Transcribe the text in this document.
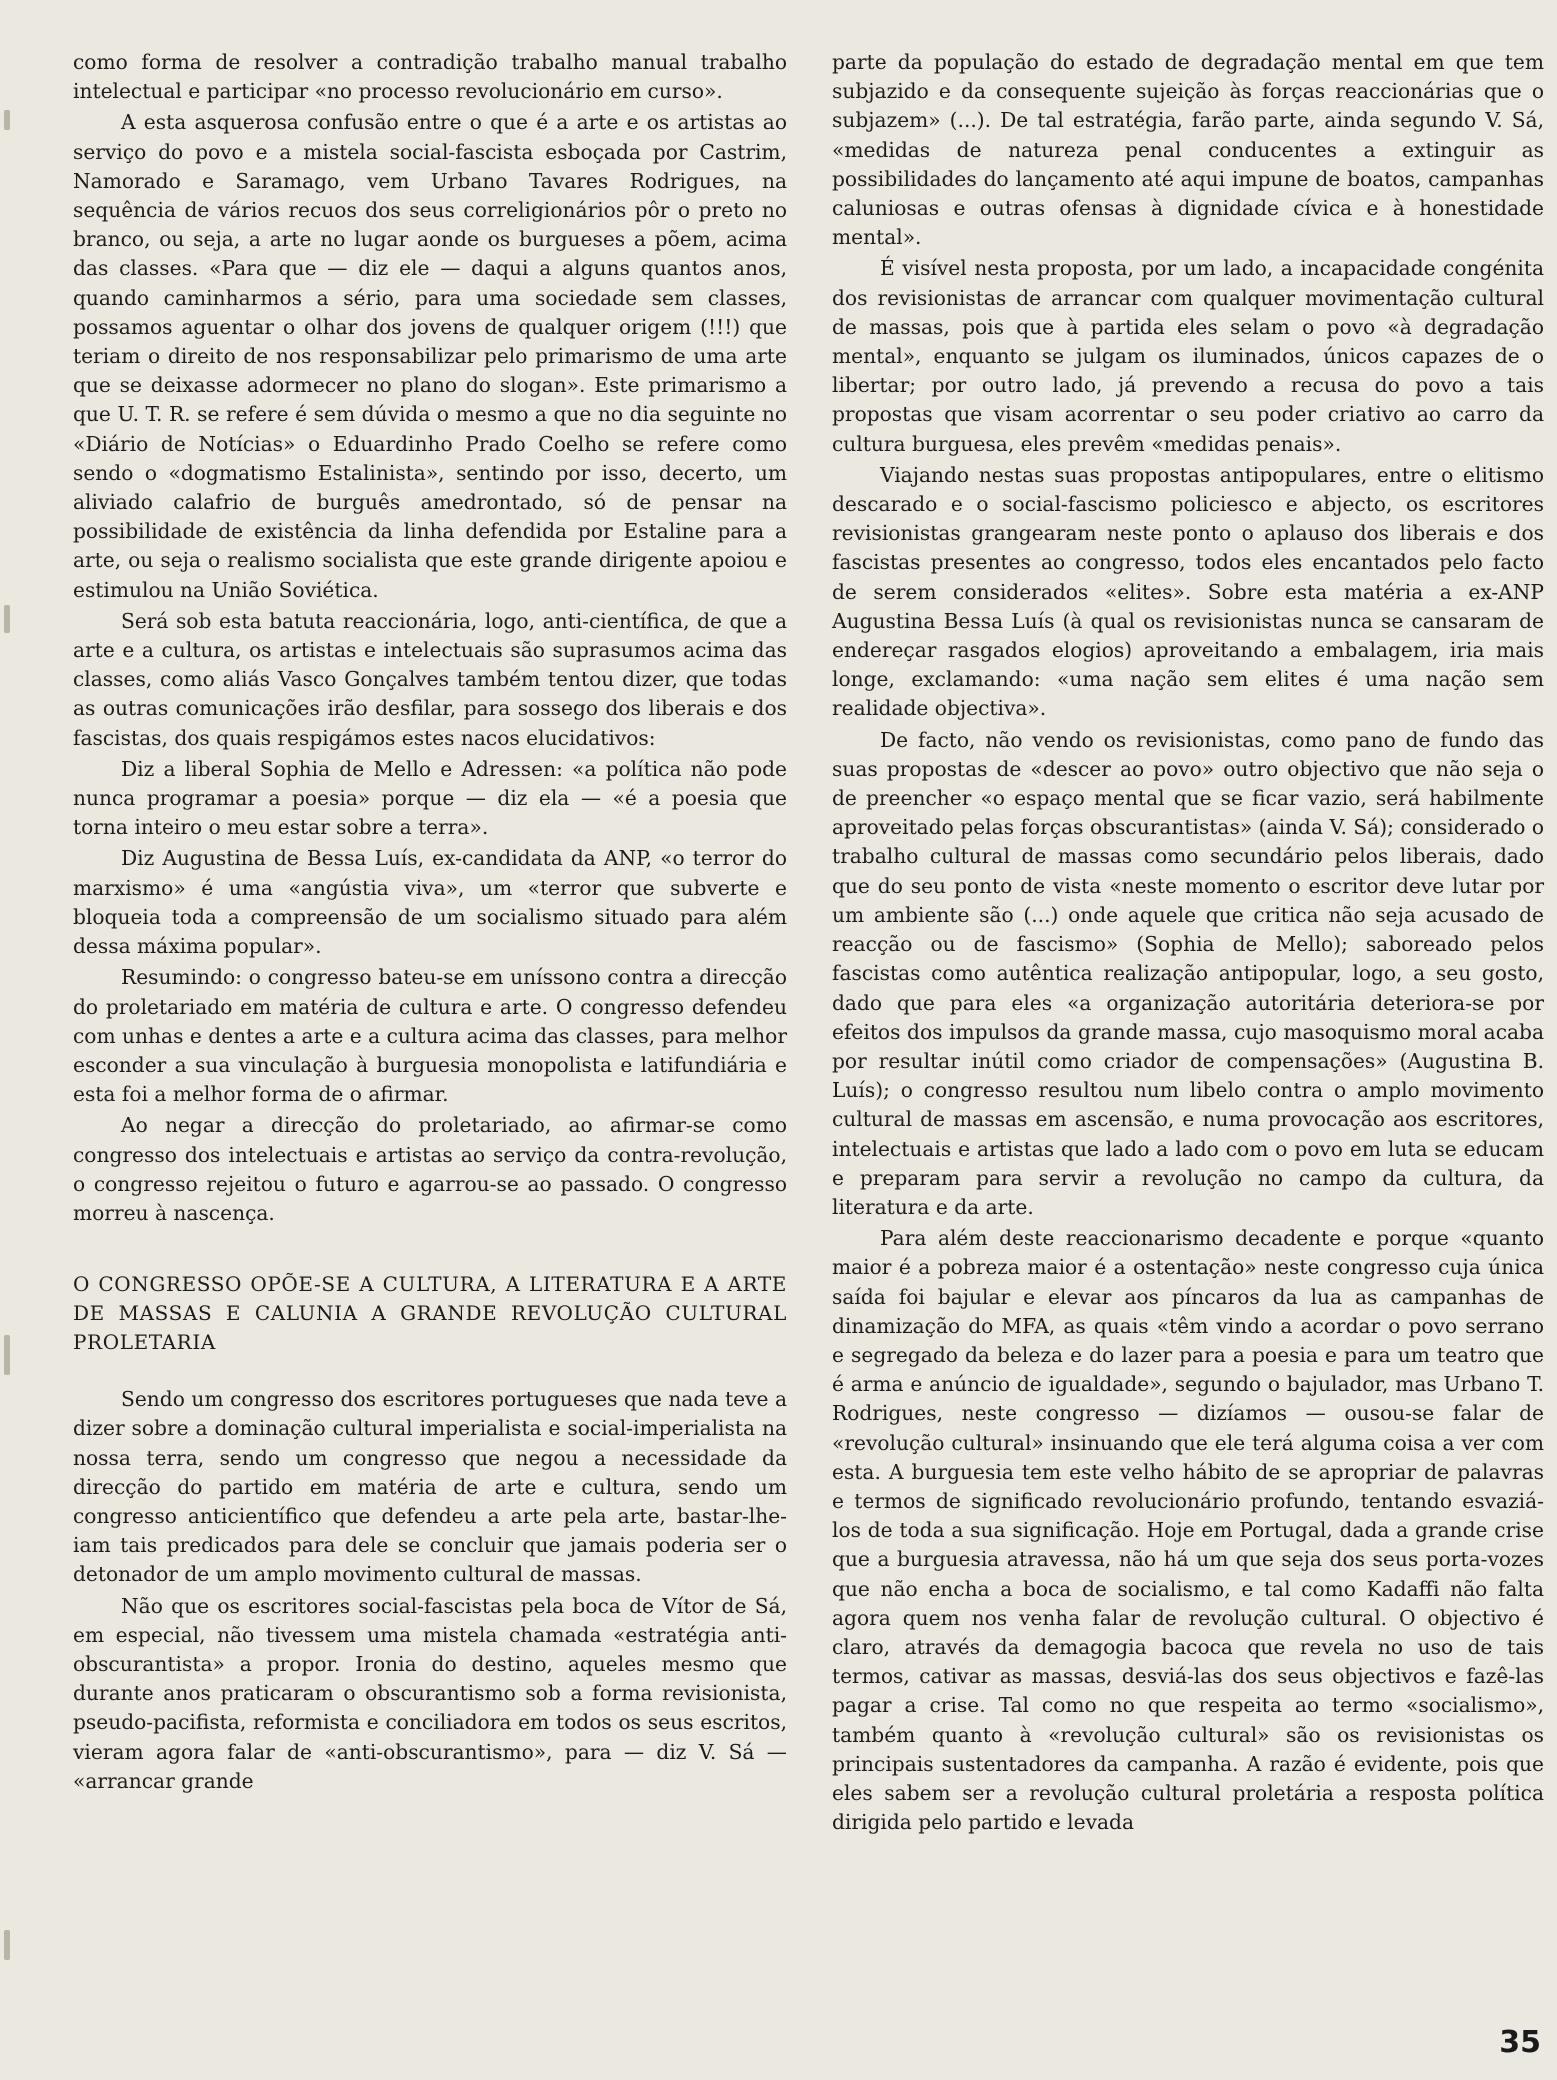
como forma de resolver a contradição trabalho manual trabalho intelectual e participar «no processo revolucionário em curso».

A esta asquerosa confusão entre o que é a arte e os artistas ao serviço do povo e a mistela social-fascista esboçada por Castrim, Namorado e Saramago, vem Urbano Tavares Rodrigues, na sequência de vários recuos dos seus correligionários pôr o preto no branco, ou seja, a arte no lugar aonde os burgueses a põem, acima das classes. «Para que — diz ele — daqui a alguns quantos anos, quando caminharmos a sério, para uma sociedade sem classes, possamos aguentar o olhar dos jovens de qualquer origem (!!!) que teriam o direito de nos responsabilizar pelo primarismo de uma arte que se deixasse adormecer no plano do slogan». Este primarismo a que U. T. R. se refere é sem dúvida o mesmo a que no dia seguinte no «Diário de Notícias» o Eduardinho Prado Coelho se refere como sendo o «dogmatismo Estalinista», sentindo por isso, decerto, um aliviado calafrio de burguês amedrontado, só de pensar na possibilidade de existência da linha defendida por Estaline para a arte, ou seja o realismo socialista que este grande dirigente apoiou e estimulou na União Soviética.

Será sob esta batuta reaccionária, logo, anti-científica, de que a arte e a cultura, os artistas e intelectuais são suprasumos acima das classes, como aliás Vasco Gonçalves também tentou dizer, que todas as outras comunicações irão desfilar, para sossego dos liberais e dos fascistas, dos quais respigámos estes nacos elucidativos:

Diz a liberal Sophia de Mello e Adressen: «a política não pode nunca programar a poesia» porque — diz ela — «é a poesia que torna inteiro o meu estar sobre a terra».

Diz Augustina de Bessa Luís, ex-candidata da ANP, «o terror do marxismo» é uma «angústia viva», um «terror que subverte e bloqueia toda a compreensão de um socialismo situado para além dessa máxima popular».

Resumindo: o congresso bateu-se em uníssono contra a direcção do proletariado em matéria de cultura e arte. O congresso defendeu com unhas e dentes a arte e a cultura acima das classes, para melhor esconder a sua vinculação à burguesia monopolista e latifundiária e esta foi a melhor forma de o afirmar.

Ao negar a direcção do proletariado, ao afirmar-se como congresso dos intelectuais e artistas ao serviço da contra-revolução, o congresso rejeitou o futuro e agarrou-se ao passado. O congresso morreu à nascença.

O CONGRESSO OPÕE-SE A CULTURA, A LITERATURA E A ARTE DE MASSAS E CALUNIA A GRANDE REVOLUÇÃO CULTURAL PROLETARIA

Sendo um congresso dos escritores portugueses que nada teve a dizer sobre a dominação cultural imperialista e social-imperialista na nossa terra, sendo um congresso que negou a necessidade da direcção do partido em matéria de arte e cultura, sendo um congresso anticientífico que defendeu a arte pela arte, bastar-lhe-iam tais predicados para dele se concluir que jamais poderia ser o detonador de um amplo movimento cultural de massas.

Não que os escritores social-fascistas pela boca de Vítor de Sá, em especial, não tivessem uma mistela chamada «estratégia anti-obscurantista» a propor. Ironia do destino, aqueles mesmo que durante anos praticaram o obscurantismo sob a forma revisionista, pseudo-pacifista, reformista e conciliadora em todos os seus escritos, vieram agora falar de «anti-obscurantismo», para — diz V. Sá — «arrancar grande

parte da população do estado de degradação mental em que tem subjazido e da consequente sujeição às forças reaccionárias que o subjazem» (...). De tal estratégia, farão parte, ainda segundo V. Sá, «medidas de natureza penal conducentes a extinguir as possibilidades do lançamento até aqui impune de boatos, campanhas caluniosas e outras ofensas à dignidade cívica e à honestidade mental».

É visível nesta proposta, por um lado, a incapacidade congénita dos revisionistas de arrancar com qualquer movimentação cultural de massas, pois que à partida eles selam o povo «à degradação mental», enquanto se julgam os iluminados, únicos capazes de o libertar; por outro lado, já prevendo a recusa do povo a tais propostas que visam acorrentar o seu poder criativo ao carro da cultura burguesa, eles prevêm «medidas penais».

Viajando nestas suas propostas antipopulares, entre o elitismo descarado e o social-fascismo policiesco e abjecto, os escritores revisionistas grangearam neste ponto o aplauso dos liberais e dos fascistas presentes ao congresso, todos eles encantados pelo facto de serem considerados «elites». Sobre esta matéria a ex-ANP Augustina Bessa Luís (à qual os revisionistas nunca se cansaram de endereçar rasgados elogios) aproveitando a embalagem, iria mais longe, exclamando: «uma nação sem elites é uma nação sem realidade objectiva».

De facto, não vendo os revisionistas, como pano de fundo das suas propostas de «descer ao povo» outro objectivo que não seja o de preencher «o espaço mental que se ficar vazio, será habilmente aproveitado pelas forças obscurantistas» (ainda V. Sá); considerado o trabalho cultural de massas como secundário pelos liberais, dado que do seu ponto de vista «neste momento o escritor deve lutar por um ambiente são (...) onde aquele que critica não seja acusado de reacção ou de fascismo» (Sophia de Mello); saboreado pelos fascistas como autêntica realização antipopular, logo, a seu gosto, dado que para eles «a organização autoritária deteriora-se por efeitos dos impulsos da grande massa, cujo masoquismo moral acaba por resultar inútil como criador de compensações» (Augustina B. Luís); o congresso resultou num libelo contra o amplo movimento cultural de massas em ascensão, e numa provocação aos escritores, intelectuais e artistas que lado a lado com o povo em luta se educam e preparam para servir a revolução no campo da cultura, da literatura e da arte.

Para além deste reaccionarismo decadente e porque «quanto maior é a pobreza maior é a ostentação» neste congresso cuja única saída foi bajular e elevar aos píncaros da lua as campanhas de dinamização do MFA, as quais «têm vindo a acordar o povo serrano e segregado da beleza e do lazer para a poesia e para um teatro que é arma e anúncio de igualdade», segundo o bajulador, mas Urbano T. Rodrigues, neste congresso — dizíamos — ousou-se falar de «revolução cultural» insinuando que ele terá alguma coisa a ver com esta. A burguesia tem este velho hábito de se apropriar de palavras e termos de significado revolucionário profundo, tentando esvaziá-los de toda a sua significação. Hoje em Portugal, dada a grande crise que a burguesia atravessa, não há um que seja dos seus porta-vozes que não encha a boca de socialismo, e tal como Kadaffi não falta agora quem nos venha falar de revolução cultural. O objectivo é claro, através da demagogia bacoca que revela no uso de tais termos, cativar as massas, desviá-las dos seus objectivos e fazê-las pagar a crise. Tal como no que respeita ao termo «socialismo», também quanto à «revolução cultural» são os revisionistas os principais sustentadores da campanha. A razão é evidente, pois que eles sabem ser a revolução cultural proletária a resposta política dirigida pelo partido e levada

35
